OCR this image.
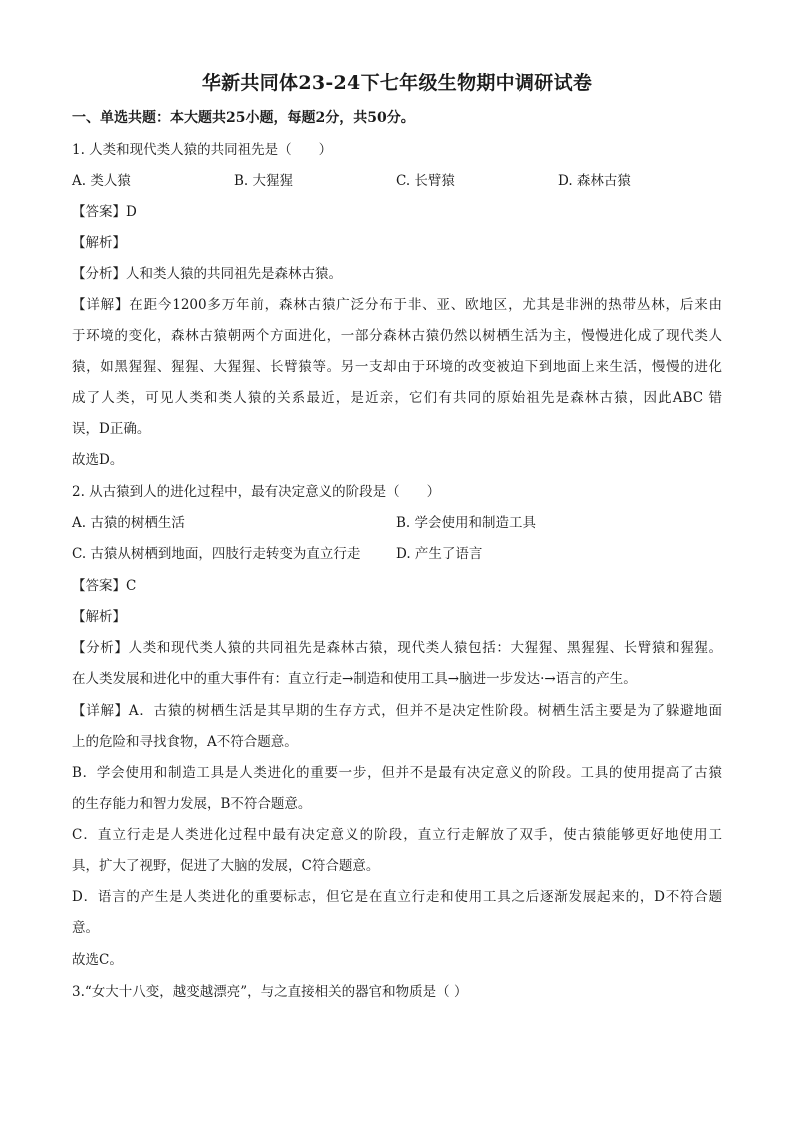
华新共同体23-24下七年级生物期中调研试卷
一、单选共题：本大题共25小题，每题2分，共50分。
1. 人类和现代类人猿的共同祖先是（　　）
A. 类人猿	B. 大猩猩	C. 长臂猿	D. 森林古猿
【答案】D
【解析】
【分析】人和类人猿的共同祖先是森林古猿。
【详解】在距今1200多万年前，森林古猿广泛分布于非、亚、欧地区，尤其是非洲的热带丛林，后来由
于环境的变化，森林古猿朝两个方面进化，一部分森林古猿仍然以树栖生活为主，慢慢进化成了现代类人
猿，如黑猩猩、猩猩、大猩猩、长臂猿等。另一支却由于环境的改变被迫下到地面上来生活，慢慢的进化
成了人类，可见人类和类人猿的关系最近，是近亲，它们有共同的原始祖先是森林古猿，因此ABC 错
误，D正确。
故选D。
2. 从古猿到人的进化过程中，最有决定意义的阶段是（　　）
A. 古猿的树栖生活	B. 学会使用和制造工具
C. 古猿从树栖到地面，四肢行走转变为直立行走	D. 产生了语言
【答案】C
【解析】
【分析】人类和现代类人猿的共同祖先是森林古猿，现代类人猿包括：大猩猩、黑猩猩、长臂猿和猩猩。
在人类发展和进化中的重大事件有：直立行走→制造和使用工具→脑进一步发达·→语言的产生。
【详解】A．古猿的树栖生活是其早期的生存方式，但并不是决定性阶段。树栖生活主要是为了躲避地面
上的危险和寻找食物，A不符合题意。
B．学会使用和制造工具是人类进化的重要一步，但并不是最有决定意义的阶段。工具的使用提高了古猿
的生存能力和智力发展，B不符合题意。
C．直立行走是人类进化过程中最有决定意义的阶段，直立行走解放了双手，使古猿能够更好地使用工
具，扩大了视野，促进了大脑的发展，C符合题意。
D．语言的产生是人类进化的重要标志，但它是在直立行走和使用工具之后逐渐发展起来的，D不符合题
意。
故选C。
3.“女大十八变，越变越漂亮”，与之直接相关的器官和物质是（ ）
